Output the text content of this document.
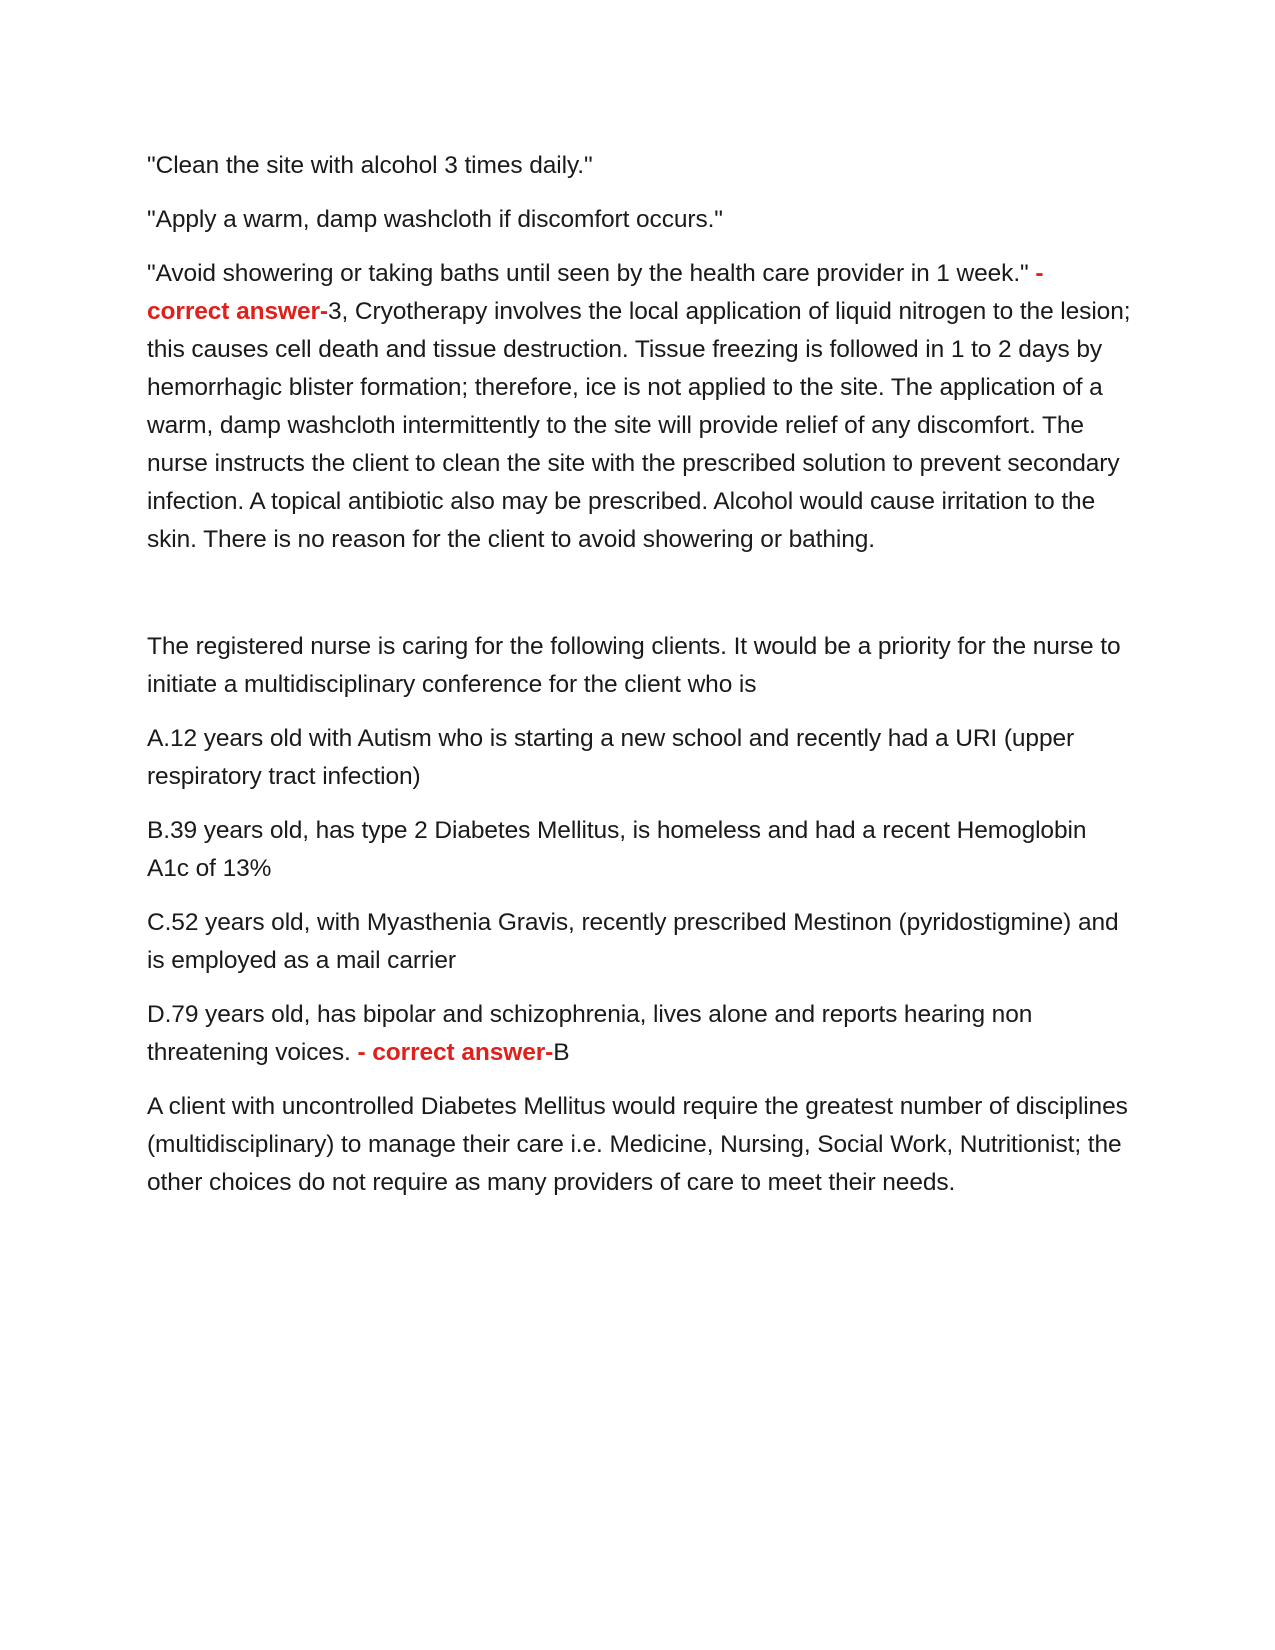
"Clean the site with alcohol 3 times daily."

"Apply a warm, damp washcloth if discomfort occurs."

"Avoid showering or taking baths until seen by the health care provider in 1 week." - correct answer-3, Cryotherapy involves the local application of liquid nitrogen to the lesion; this causes cell death and tissue destruction. Tissue freezing is followed in 1 to 2 days by hemorrhagic blister formation; therefore, ice is not applied to the site. The application of a warm, damp washcloth intermittently to the site will provide relief of any discomfort. The nurse instructs the client to clean the site with the prescribed solution to prevent secondary infection. A topical antibiotic also may be prescribed. Alcohol would cause irritation to the skin. There is no reason for the client to avoid showering or bathing.

The registered nurse is caring for the following clients. It would be a priority for the nurse to initiate a multidisciplinary conference for the client who is

A.12 years old with Autism who is starting a new school and recently had a URI (upper respiratory tract infection)

B.39 years old, has type 2 Diabetes Mellitus, is homeless and had a recent Hemoglobin A1c of 13%

C.52 years old, with Myasthenia Gravis, recently prescribed Mestinon (pyridostigmine) and is employed as a mail carrier

D.79 years old, has bipolar and schizophrenia, lives alone and reports hearing non threatening voices. - correct answer-B

A client with uncontrolled Diabetes Mellitus would require the greatest number of disciplines (multidisciplinary) to manage their care i.e. Medicine, Nursing, Social Work, Nutritionist; the other choices do not require as many providers of care to meet their needs.
